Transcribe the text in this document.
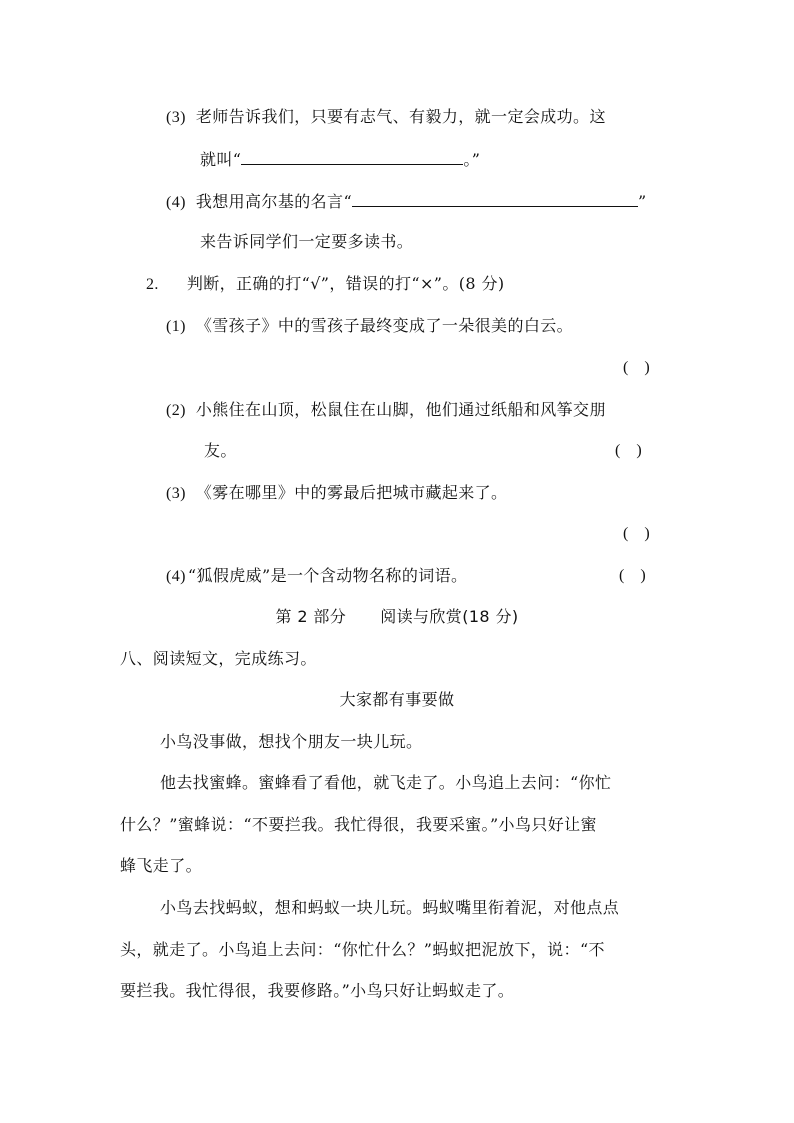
(3) 老师告诉我们，只要有志气、有毅力，就一定会成功。这
就叫“	。”
(4) 我想用高尔基的名言“	”
来告诉同学们一定要多读书。
2. 判断，正确的打“√”，错误的打“×”。(8 分)
(1) 《雪孩子》中的雪孩子最终变成了一朵很美的白云。
(    )
(2) 小熊住在山顶，松鼠住在山脚，他们通过纸船和风筝交朋
友。	(    )
(3) 《雾在哪里》中的雾最后把城市藏起来了。
(    )
(4) “狐假虎威”是一个含动物名称的词语。	(    )
第 2 部分 阅读与欣赏(18 分)
八、阅读短文，完成练习。
大家都有事要做
小鸟没事做，想找个朋友一块儿玩。
他去找蜜蜂。蜜蜂看了看他，就飞走了。小鸟追上去问：“你忙
什么？”蜜蜂说：“不要拦我。我忙得很，我要采蜜。”小鸟只好让蜜
蜂飞走了。
小鸟去找蚂蚁，想和蚂蚁一块儿玩。蚂蚁嘴里衔着泥，对他点点
头，就走了。小鸟追上去问：“你忙什么？”蚂蚁把泥放下，说：“不
要拦我。我忙得很，我要修路。”小鸟只好让蚂蚁走了。
